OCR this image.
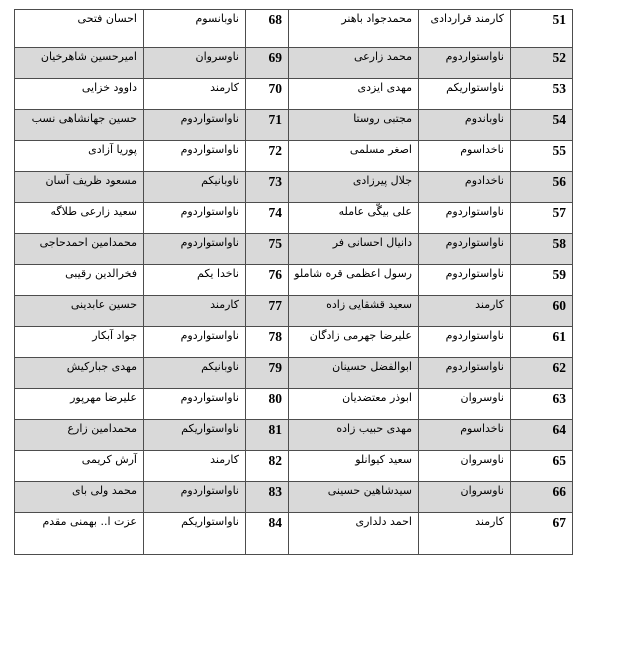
احسان فتحی	ناوبانسوم	68	محمدجواد باهنر	کارمند قراردادی	51
امیرحسین شاهرخیان	ناوسروان	69	محمد زارعی	ناواستواردوم	52
داوود خزایی	کارمند	70	مهدی ایزدی	ناواستواریکم	53
حسین جهانشاهی نسب	ناواستواردوم	71	مجتبی روستا	ناوباندوم	54
پوریا آزادی	ناواستواردوم	72	اصغر مسلمی	ناخداسوم	55
مسعود ظریف آسان	ناوبانیکم	73	جلال پیرزادی	ناخدادوم	56
سعید زارعی طلاگه	ناواستواردوم	74	علی بیگّی عامله	ناواستواردوم	57
محمدامین احمدحاجی	ناواستواردوم	75	دانیال احسانی فر	ناواستواردوم	58
فخرالدین رقیبی	ناخدا یکم	76	رسول اعظمی قره شاملو	ناواستواردوم	59
حسین عابدینی	کارمند	77	سعید قشقایی زاده	کارمند	60
جواد آبکار	ناواستواردوم	78	علیرضا جهرمی زادگان	ناواستواردوم	61
مهدی جبارکیش	ناوبانیکم	79	ابوالفضل حسینان	ناواستواردوم	62
علیرضا مهرپور	ناواستواردوم	80	ابوذر معتضدیان	ناوسروان	63
محمدامین زارع	ناواستواریکم	81	مهدی حبیب زاده	ناخداسوم	64
آرش کریمی	کارمند	82	سعید کیوانلو	ناوسروان	65
محمد ولی بای	ناواستواردوم	83	سیدشاهین حسینی	ناوسروان	66
عزت ا.. بهمنی مقدم	ناواستواریکم	84	احمد دلداری	کارمند	67
